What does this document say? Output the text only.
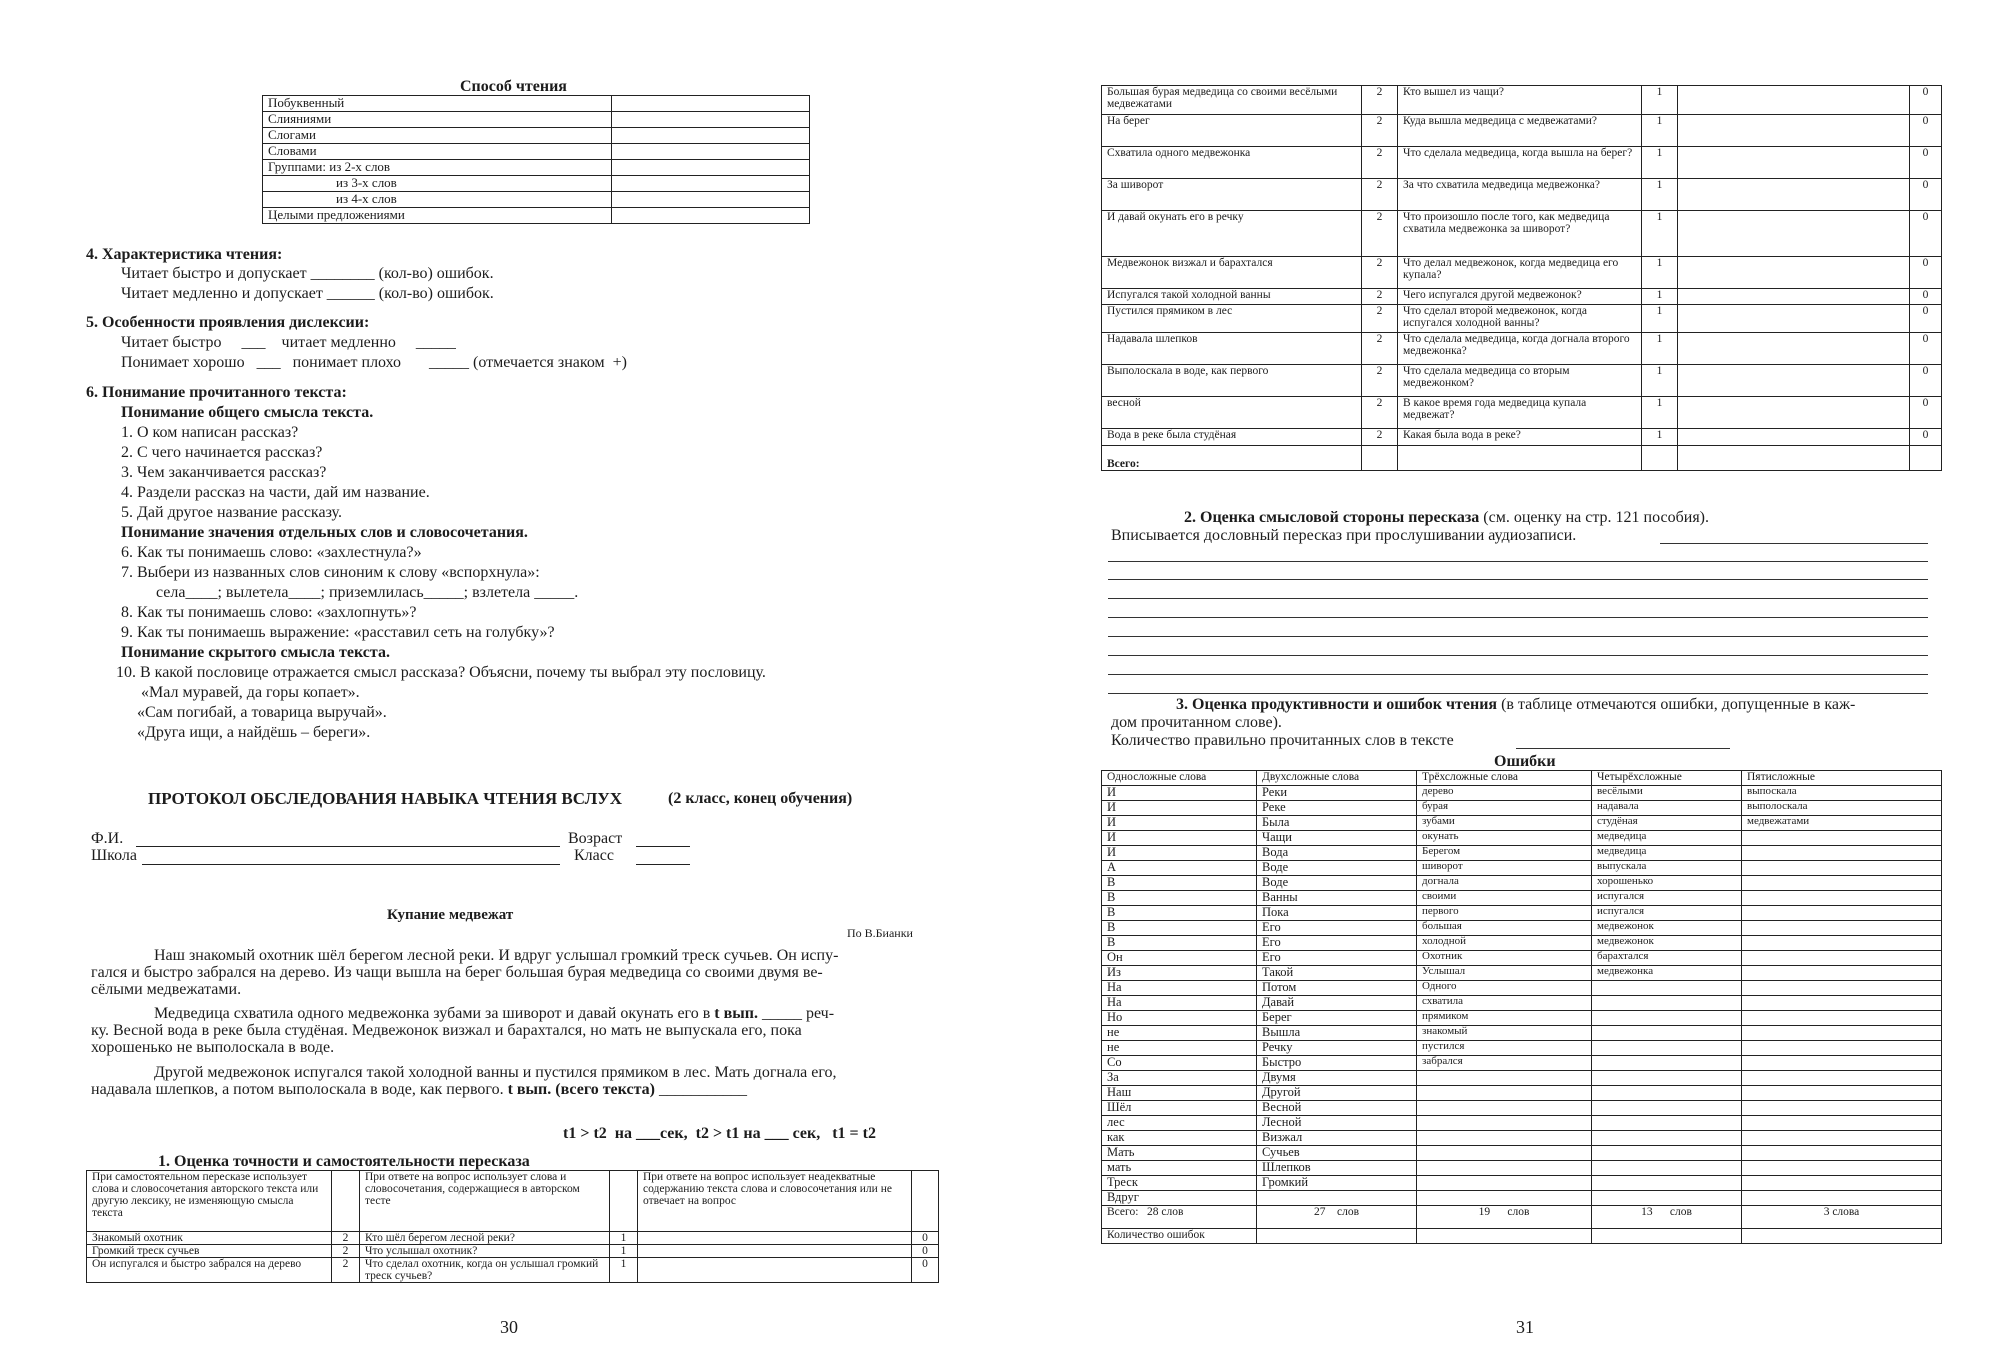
Способ чтения
Побуквенный	
Слияниями	
Слогами	
Словами	
Группами: из 2-х слов	
из 3-х слов	
из 4-х слов	
Целыми предложениями	
4. Характеристика чтения:
Читает быстро и допускает ________ (кол-во) ошибок.
Читает медленно и допускает ______ (кол-во) ошибок.
5. Особенности проявления дислексии:
Читает быстро     ___    читает медленно     _____
Понимает хорошо   ___   понимает плохо       _____ (отмечается знаком  +)
6. Понимание прочитанного текста:
Понимание общего смысла текста.
1. О ком написан рассказ?
2. С чего начинается рассказ?
3. Чем заканчивается рассказ?
4. Раздели рассказ на части, дай им название.
5. Дай другое название рассказу.
Понимание значения отдельных слов и словосочетания.
6. Как ты понимаешь слово: «захлестнула?»
7. Выбери из названных слов синоним к слову «вспорхнула»:
села____; вылетела____; приземлилась_____; взлетела _____.
8. Как ты понимаешь слово: «захлопнуть»?
9. Как ты понимаешь выражение: «расставил сеть на голубку»?
Понимание скрытого смысла текста.
10. В какой пословице отражается смысл рассказа? Объясни, почему ты выбрал эту пословицу.
«Мал муравей, да горы копает».
«Сам погибай, а товарица выручай».
«Друга ищи, а найдёшь – береги».
ПРОТОКОЛ ОБСЛЕДОВАНИЯ НАВЫКА ЧТЕНИЯ ВСЛУХ	(2 класс, конец обучения)
Ф.И.	Возраст
Школа	Класс
Купание медвежат
По В.Бианки
Наш знакомый охотник шёл берегом лесной реки. И вдруг услышал громкий треск сучьев. Он испу-
гался и быстро забрался на дерево. Из чащи вышла на берег большая бурая медведица со своими двумя ве-
сёлыми медвежатами.
Медведица схватила одного медвежонка зубами за шиворот и давай окунать его в t вып. _____ реч-
ку. Весной вода в реке была студёная. Медвежонок визжал и барахтался, но мать не выпускала его, пока
хорошенько не выполоскала в воде.
Другой медвежонок испугался такой холодной ванны и пустился прямиком в лес. Мать догнала его,
надавала шлепков, а потом выполоскала в воде, как первого. t вып. (всего текста) ___________
t1 > t2  на ___сек,  t2 > t1 на ___ сек,   t1 = t2
1. Оценка точности и самостоятельности пересказа
При самостоятельном пересказе использует слова и словосочетания авторского текста или другую лексику, не изменяющую смысла текста		При ответе на вопрос использует слова и словосочетания, содержащиеся в авторском тесте		При ответе на вопрос использует неадекватные содержанию текста слова и словосочетания или не отвечает на вопрос	
Знакомый охотник	2	Кто шёл берегом лесной реки?	1		0
Громкий треск сучьев	2	Что услышал охотник?	1		0
Он испугался и быстро забрался на дерево	2	Что сделал охотник, когда он услышал громкий треск сучьев?	1		0
30
Большая бурая медведица со своими весёлыми медвежатами	2	Кто вышел из чащи?	1		0
На берег	2	Куда вышла медведица с медвежатами?	1		0
Схватила одного медвежонка	2	Что сделала медведица, когда вышла на берег?	1		0
За шиворот	2	За что схватила медведица медвежонка?	1		0
И давай окунать его в речку	2	Что произошло после того, как медведица схватила медвежонка за шиворот?	1		0
Медвежонок визжал и барахтался	2	Что делал медвежонок, когда медведица его купала?	1		0
Испугался такой холодной ванны	2	Чего испугался другой медвежонок?	1		0
Пустился прямиком в лес	2	Что сделал второй медвежонок, когда испугался холодной ванны?	1		0
Надавала шлепков	2	Что сделала медведица, когда догнала второго медвежонка?	1		0
Выполоскала в воде, как первого	2	Что сделала медведица со вторым медвежонком?	1		0
весной	2	В какое время года медведица купала медвежат?	1		0
Вода в реке была студёная	2	Какая была вода в реке?	1		0
Всего:					
2. Оценка смысловой стороны пересказа (см. оценку на стр. 121 пособия).
Вписывается дословный пересказ при прослушивании аудиозаписи.
3. Оценка продуктивности и ошибок чтения (в таблице отмечаются ошибки, допущенные в каж-
дом прочитанном слове).
Количество правильно прочитанных слов в тексте
Ошибки
Односложные слова	Двухсложные слова	Трёхсложные слова	Четырёхсложные	Пятисложные
И	Реки	дерево	весёлыми	выпоскала
И	Реке	бурая	надавала	выполоскала
И	Была	зубами	студёная	медвежатами
И	Чащи	окунать	медведица	
И	Вода	Берегом	медведица	
А	Воде	шиворот	выпускала	
В	Воде	догнала	хорошенько	
В	Ванны	своими	испугался	
В	Пока	первого	испугался	
В	Его	большая	медвежонок	
В	Его	холодной	медвежонок	
Он	Его	Охотник	барахтался	
Из	Такой	Услышал	медвежонка	
На	Потом	Одного		
На	Давай	схватила		
Но	Берег	прямиком		
не	Вышла	знакомый		
не	Речку	пустился		
Со	Быстро	забрался		
За	Двумя			
Наш	Другой			
Шёл	Весной			
лес	Лесной			
как	Визжал			
Мать	Сучьев			
мать	Шлепков			
Треск	Громкий			
Вдруг				
Всего:   28 слов	27    слов	19      слов	13      слов	3 слова
Количество ошибок				
31
